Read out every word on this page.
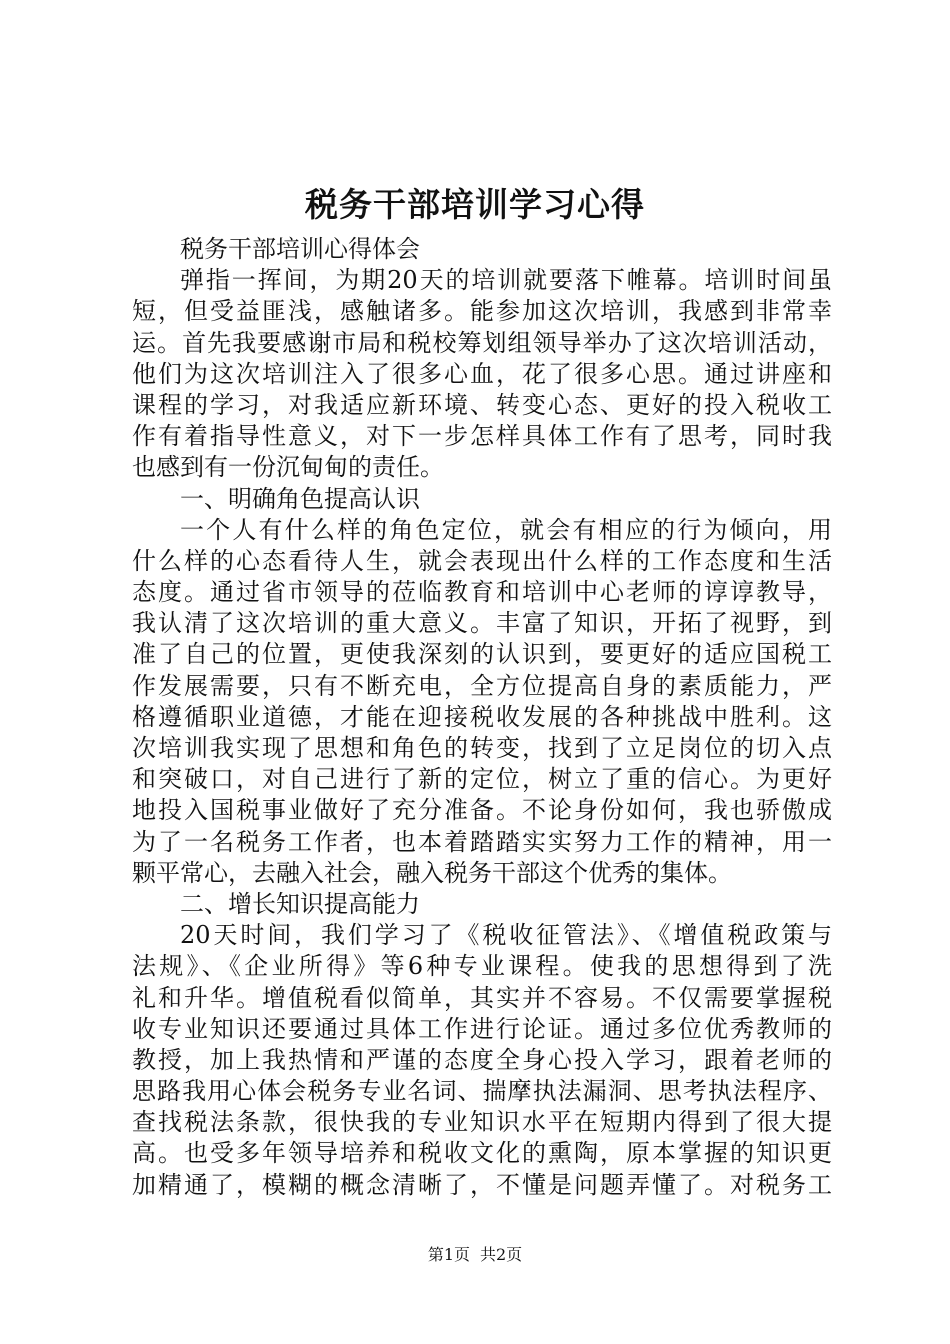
税务干部培训学习心得
税务干部培训心得体会
弹指一挥间，为期20天的培训就要落下帷幕。培训时间虽
短，但受益匪浅，感触诸多。能参加这次培训，我感到非常幸
运。首先我要感谢市局和税校筹划组领导举办了这次培训活动，
他们为这次培训注入了很多心血，花了很多心思。通过讲座和
课程的学习，对我适应新环境、转变心态、更好的投入税收工
作有着指导性意义，对下一步怎样具体工作有了思考，同时我
也感到有一份沉甸甸的责任。
一、明确角色提高认识
一个人有什么样的角色定位，就会有相应的行为倾向，用
什么样的心态看待人生，就会表现出什么样的工作态度和生活
态度。通过省市领导的莅临教育和培训中心老师的谆谆教导，
我认清了这次培训的重大意义。丰富了知识，开拓了视野，到
准了自己的位置，更使我深刻的认识到，要更好的适应国税工
作发展需要，只有不断充电，全方位提高自身的素质能力，严
格遵循职业道德，才能在迎接税收发展的各种挑战中胜利。这
次培训我实现了思想和角色的转变，找到了立足岗位的切入点
和突破口，对自己进行了新的定位，树立了重的信心。为更好
地投入国税事业做好了充分准备。不论身份如何，我也骄傲成
为了一名税务工作者，也本着踏踏实实努力工作的精神，用一
颗平常心，去融入社会，融入税务干部这个优秀的集体。
二、增长知识提高能力
20天时间，我们学习了《税收征管法》、《增值税政策与
法规》、《企业所得》等6种专业课程。使我的思想得到了洗
礼和升华。增值税看似简单，其实并不容易。不仅需要掌握税
收专业知识还要通过具体工作进行论证。通过多位优秀教师的
教授，加上我热情和严谨的态度全身心投入学习，跟着老师的
思路我用心体会税务专业名词、揣摩执法漏洞、思考执法程序、
查找税法条款，很快我的专业知识水平在短期内得到了很大提
高。也受多年领导培养和税收文化的熏陶，原本掌握的知识更
加精通了，模糊的概念清晰了，不懂是问题弄懂了。对税务工
第1页 共2页
